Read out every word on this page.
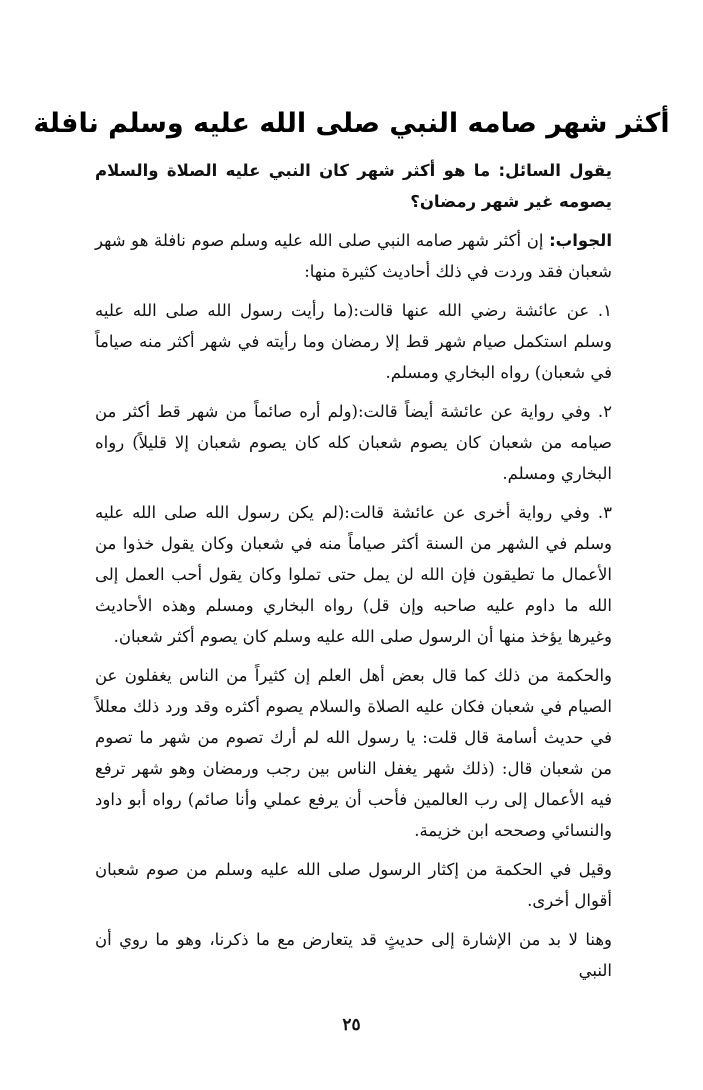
أكثر شهر صامه النبي صلى الله عليه وسلم نافلة

يقول السائل: ما هو أكثر شهر كان النبي عليه الصلاة والسلام يصومه غير شهر رمضان؟

الجواب: إن أكثر شهر صامه النبي صلى الله عليه وسلم صوم نافلة هو شهر شعبان فقد وردت في ذلك أحاديث كثيرة منها:

١. عن عائشة رضي الله عنها قالت:(ما رأيت رسول الله صلى الله عليه وسلم استكمل صيام شهر قط إلا رمضان وما رأيته في شهر أكثر منه صياماً في شعبان) رواه البخاري ومسلم.

٢. وفي رواية عن عائشة أيضاً قالت:(ولم أره صائماً من شهر قط أكثر من صيامه من شعبان كان يصوم شعبان كله كان يصوم شعبان إلا قليلاً) رواه البخاري ومسلم.

٣. وفي رواية أخرى عن عائشة قالت:(لم يكن رسول الله صلى الله عليه وسلم في الشهر من السنة أكثر صياماً منه في شعبان وكان يقول خذوا من الأعمال ما تطيقون فإن الله لن يمل حتى تملوا وكان يقول أحب العمل إلى الله ما داوم عليه صاحبه وإن قل) رواه البخاري ومسلم وهذه الأحاديث وغيرها يؤخذ منها أن الرسول صلى الله عليه وسلم كان يصوم أكثر شعبان.

والحكمة من ذلك كما قال بعض أهل العلم إن كثيراً من الناس يغفلون عن الصيام في شعبان فكان عليه الصلاة والسلام يصوم أكثره وقد ورد ذلك معللاً في حديث أسامة قال قلت: يا رسول الله لم أرك تصوم من شهر ما تصوم من شعبان قال: (ذلك شهر يغفل الناس بين رجب ورمضان وهو شهر ترفع فيه الأعمال إلى رب العالمين فأحب أن يرفع عملي وأنا صائم) رواه أبو داود والنسائي وصححه ابن خزيمة.

وقيل في الحكمة من إكثار الرسول صلى الله عليه وسلم من صوم شعبان أقوال أخرى.

وهنا لا بد من الإشارة إلى حديثٍ قد يتعارض مع ما ذكرنا، وهو ما روي أن النبي

٢٥
